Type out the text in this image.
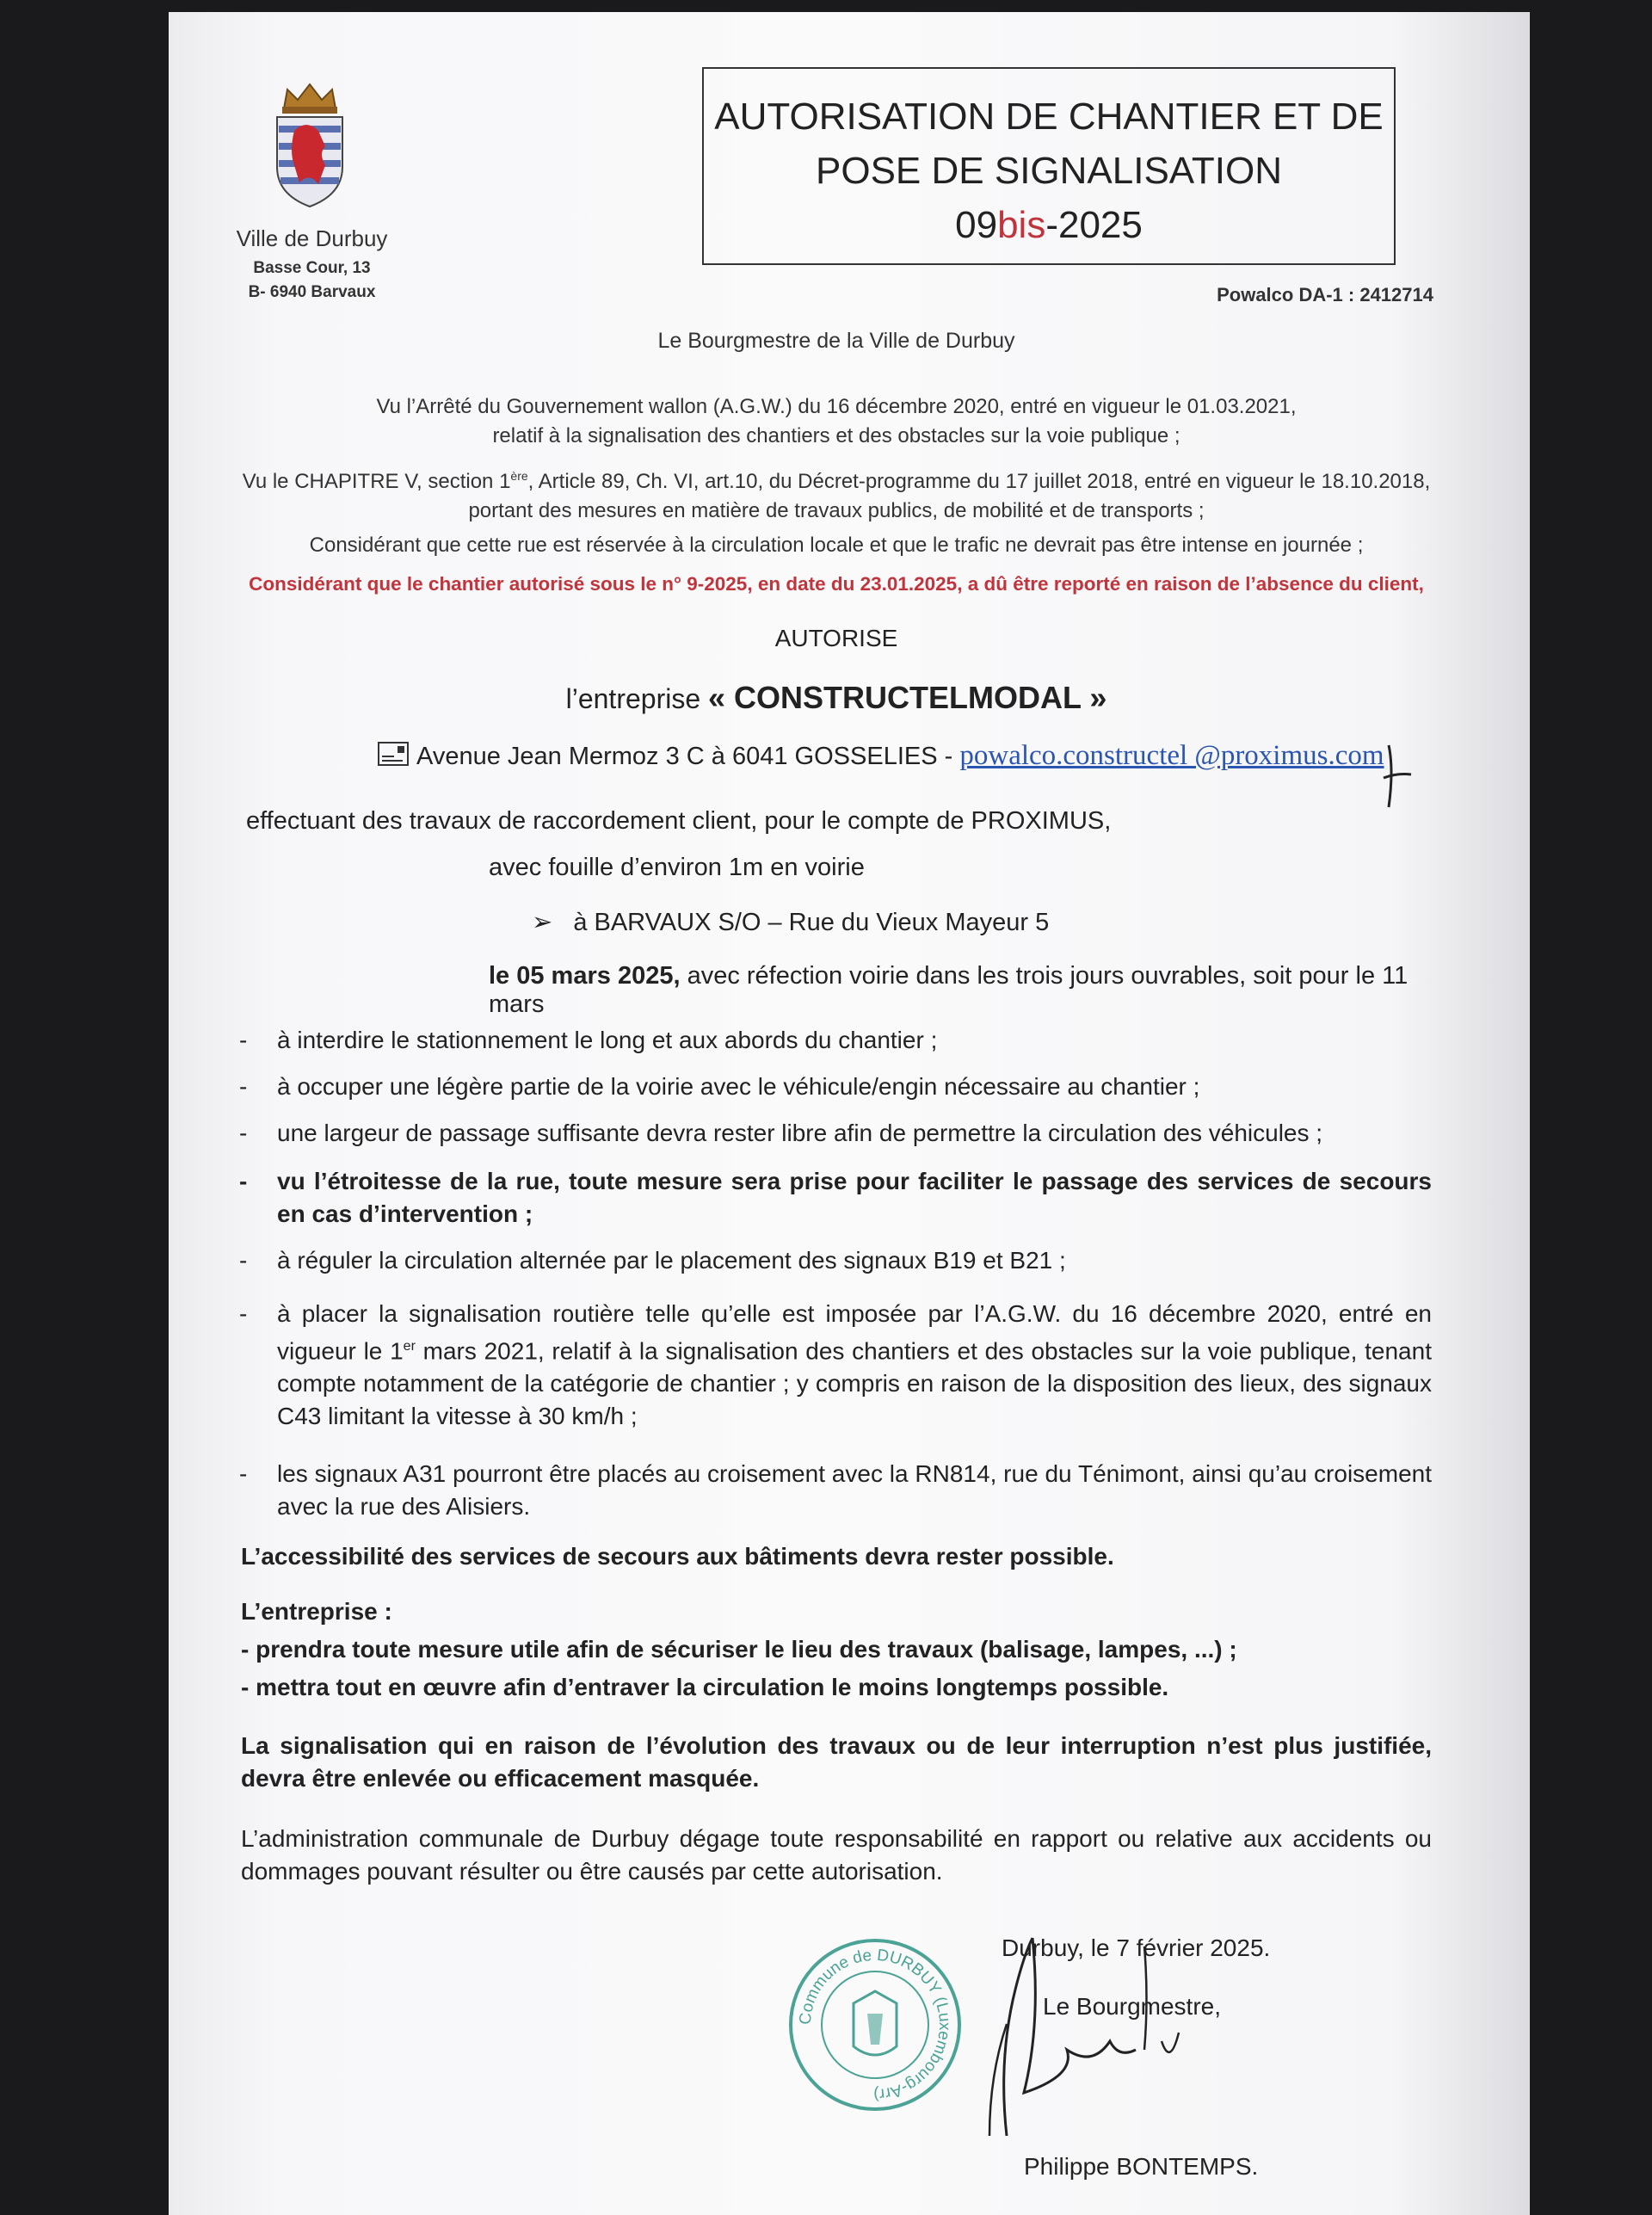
Ville de Durbuy
Basse Cour, 13
B- 6940 Barvaux
AUTORISATION DE CHANTIER ET DE
POSE DE SIGNALISATION
09bis-2025
Powalco DA-1 : 2412714
Le Bourgmestre de la Ville de Durbuy
Vu l’Arrêté du Gouvernement wallon (A.G.W.) du 16 décembre 2020, entré en vigueur le 01.03.2021,
relatif à la signalisation des chantiers et des obstacles sur la voie publique ;
Vu le CHAPITRE V, section 1ère, Article 89, Ch. VI, art.10, du Décret-programme du 17 juillet 2018, entré en vigueur le 18.10.2018,
portant des mesures en matière de travaux publics, de mobilité et de transports ;
Considérant que cette rue est réservée à la circulation locale et que le trafic ne devrait pas être intense en journée ;
Considérant que le chantier autorisé sous le n° 9-2025, en date du 23.01.2025, a dû être reporté en raison de l’absence du client,
AUTORISE
l’entreprise « CONSTRUCTELMODAL »
Avenue Jean Mermoz 3 C à 6041 GOSSELIES - powalco.constructel @proximus.com
effectuant des travaux de raccordement client, pour le compte de PROXIMUS,
avec fouille d’environ 1m en voirie
➢ à BARVAUX S/O – Rue du Vieux Mayeur 5
le 05 mars 2025, avec réfection voirie dans les trois jours ouvrables, soit pour le 11 mars
- à interdire le stationnement le long et aux abords du chantier ;
- à occuper une légère partie de la voirie avec le véhicule/engin nécessaire au chantier ;
- une largeur de passage suffisante devra rester libre afin de permettre la circulation des véhicules ;
- vu l’étroitesse de la rue, toute mesure sera prise pour faciliter le passage des services de secours en cas d’intervention ;
- à réguler la circulation alternée par le placement des signaux B19 et B21 ;
- à placer la signalisation routière telle qu’elle est imposée par l’A.G.W. du 16 décembre 2020, entré en vigueur le 1er mars 2021, relatif à la signalisation des chantiers et des obstacles sur la voie publique, tenant compte notamment de la catégorie de chantier ; y compris en raison de la disposition des lieux, des signaux C43 limitant la vitesse à 30 km/h ;
- les signaux A31 pourront être placés au croisement avec la RN814, rue du Ténimont, ainsi qu’au croisement avec la rue des Alisiers.
L’accessibilité des services de secours aux bâtiments devra rester possible.
L’entreprise :
- prendra toute mesure utile afin de sécuriser le lieu des travaux (balisage, lampes, ...) ;
- mettra tout en œuvre afin d’entraver la circulation le moins longtemps possible.
La signalisation qui en raison de l’évolution des travaux ou de leur interruption n’est plus justifiée, devra être enlevée ou efficacement masquée.
L’administration communale de Durbuy dégage toute responsabilité en rapport ou relative aux accidents ou dommages pouvant résulter ou être causés par cette autorisation.
Commune de DURBUY (Luxembourg-Arr)
Durbuy, le 7 février 2025.
Le Bourgmestre,
Philippe BONTEMPS.
